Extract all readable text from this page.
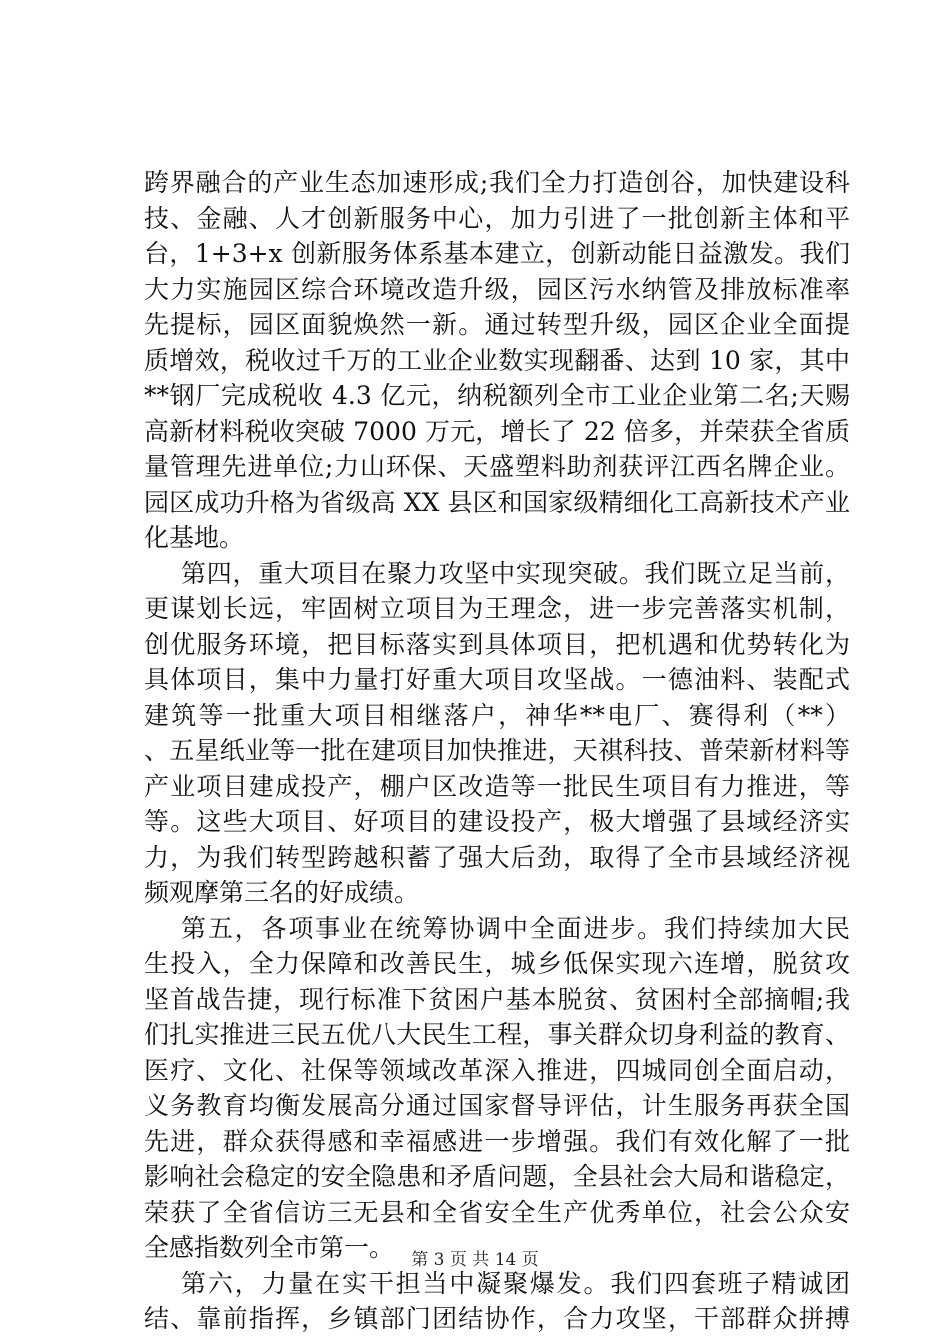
跨界融合的产业生态加速形成;我们全力打造创谷，加快建设科
技、金融、人才创新服务中心，加力引进了一批创新主体和平
台，1+3+x 创新服务体系基本建立，创新动能日益激发。我们
大力实施园区综合环境改造升级，园区污水纳管及排放标准率
先提标，园区面貌焕然一新。通过转型升级，园区企业全面提
质增效，税收过千万的工业企业数实现翻番、达到 10 家，其中
**钢厂完成税收 4.3 亿元，纳税额列全市工业企业第二名;天赐
高新材料税收突破 7000 万元，增长了 22 倍多，并荣获全省质
量管理先进单位;力山环保、天盛塑料助剂获评江西名牌企业。
园区成功升格为省级高 XX 县区和国家级精细化工高新技术产业
化基地。
第四，重大项目在聚力攻坚中实现突破。我们既立足当前，
更谋划长远，牢固树立项目为王理念，进一步完善落实机制，
创优服务环境，把目标落实到具体项目，把机遇和优势转化为
具体项目，集中力量打好重大项目攻坚战。一德油料、装配式
建筑等一批重大项目相继落户，神华**电厂、赛得利（**）
、五星纸业等一批在建项目加快推进，天祺科技、普荣新材料等
产业项目建成投产，棚户区改造等一批民生项目有力推进，等
等。这些大项目、好项目的建设投产，极大增强了县域经济实
力，为我们转型跨越积蓄了强大后劲，取得了全市县域经济视
频观摩第三名的好成绩。
第五，各项事业在统筹协调中全面进步。我们持续加大民
生投入，全力保障和改善民生，城乡低保实现六连增，脱贫攻
坚首战告捷，现行标准下贫困户基本脱贫、贫困村全部摘帽;我
们扎实推进三民五优八大民生工程，事关群众切身利益的教育、
医疗、文化、社保等领域改革深入推进，四城同创全面启动，
义务教育均衡发展高分通过国家督导评估，计生服务再获全国
先进，群众获得感和幸福感进一步增强。我们有效化解了一批
影响社会稳定的安全隐患和矛盾问题，全县社会大局和谐稳定，
荣获了全省信访三无县和全省安全生产优秀单位，社会公众安
全感指数列全市第一。
第六，力量在实干担当中凝聚爆发。我们四套班子精诚团
结、靠前指挥，乡镇部门团结协作，合力攻坚，干部群众拼搏
第 3 页 共 14 页
